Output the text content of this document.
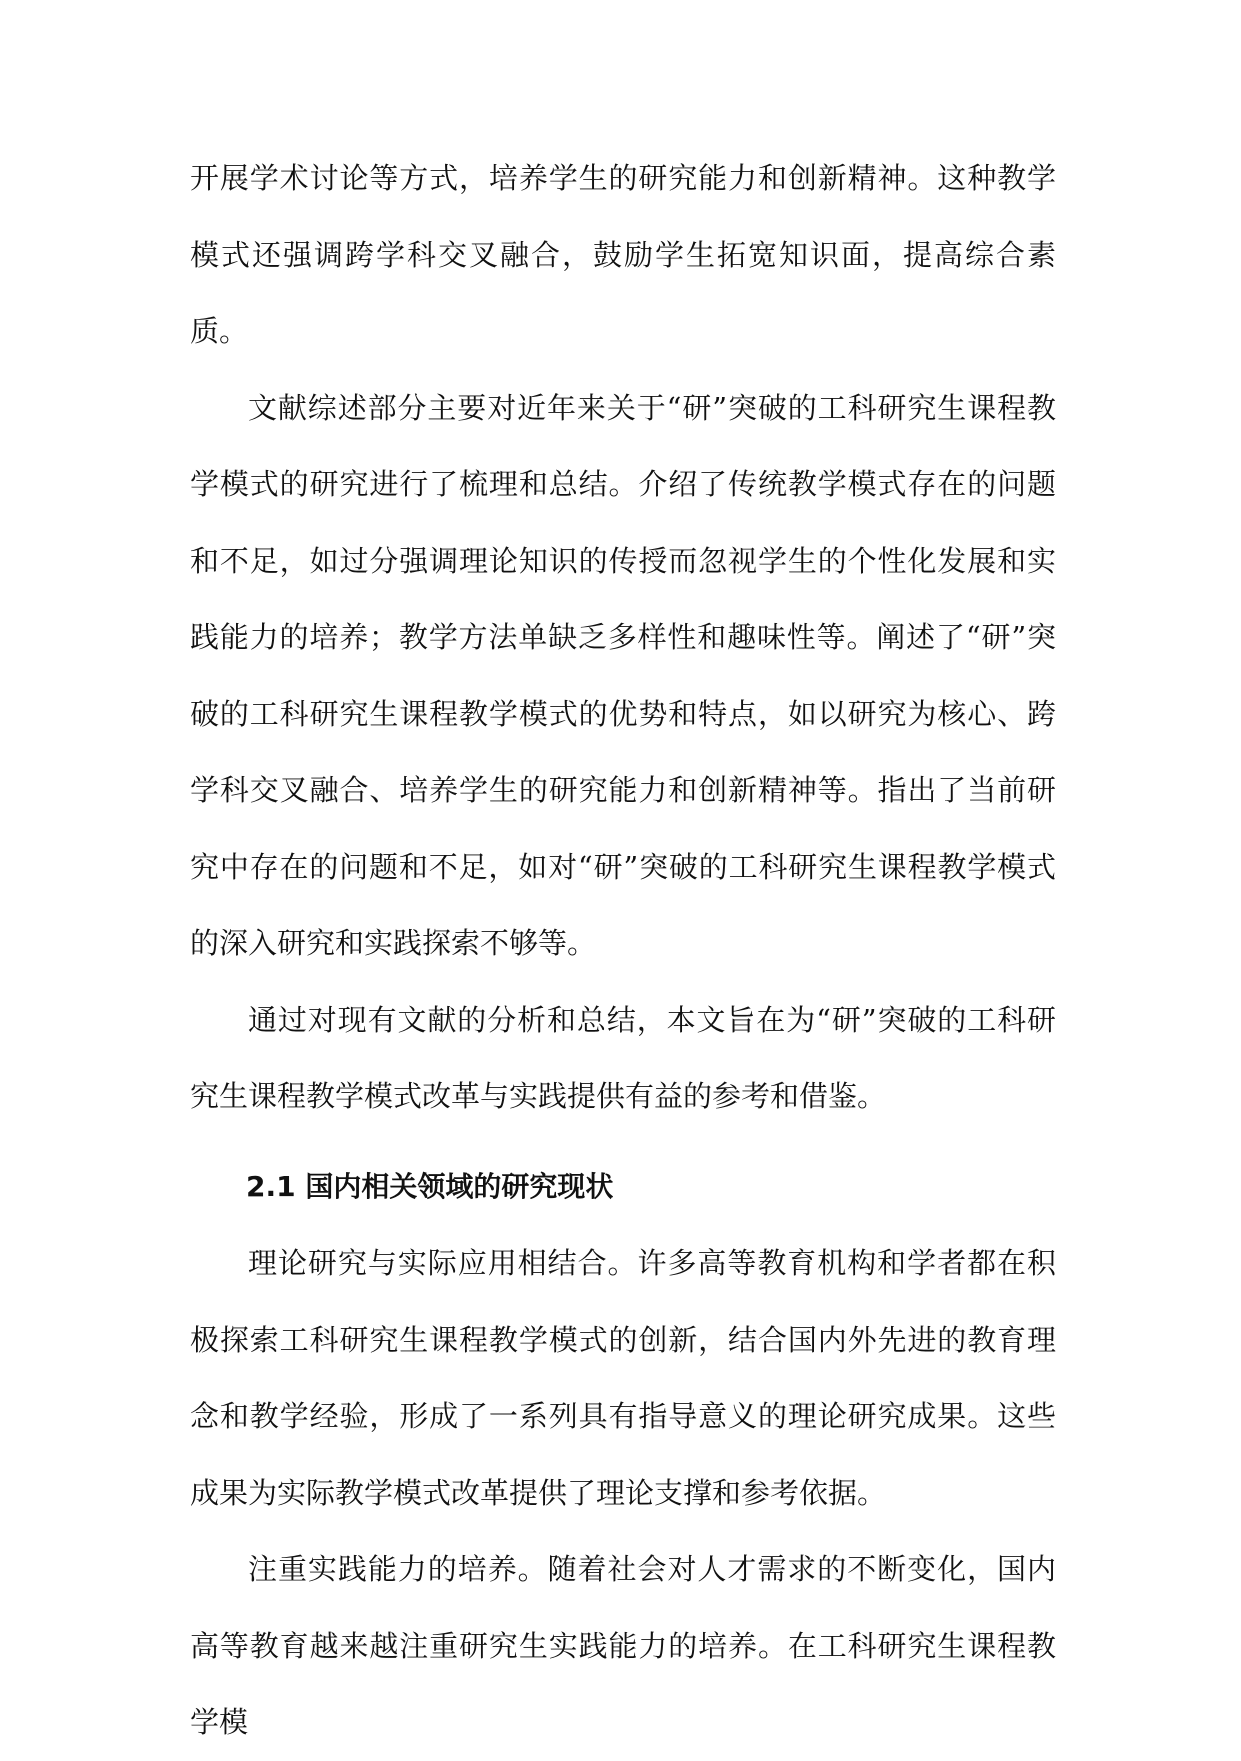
开展学术讨论等方式，培养学生的研究能力和创新精神。这种教学模式还强调跨学科交叉融合，鼓励学生拓宽知识面，提高综合素质。

文献综述部分主要对近年来关于“研”突破的工科研究生课程教学模式的研究进行了梳理和总结。介绍了传统教学模式存在的问题和不足，如过分强调理论知识的传授而忽视学生的个性化发展和实践能力的培养；教学方法单缺乏多样性和趣味性等。阐述了“研”突破的工科研究生课程教学模式的优势和特点，如以研究为核心、跨学科交叉融合、培养学生的研究能力和创新精神等。指出了当前研究中存在的问题和不足，如对“研”突破的工科研究生课程教学模式的深入研究和实践探索不够等。

通过对现有文献的分析和总结，本文旨在为“研”突破的工科研究生课程教学模式改革与实践提供有益的参考和借鉴。

2.1 国内相关领域的研究现状

理论研究与实际应用相结合。许多高等教育机构和学者都在积极探索工科研究生课程教学模式的创新，结合国内外先进的教育理念和教学经验，形成了一系列具有指导意义的理论研究成果。这些成果为实际教学模式改革提供了理论支撑和参考依据。

注重实践能力的培养。随着社会对人才需求的不断变化，国内高等教育越来越注重研究生实践能力的培养。在工科研究生课程教学模
